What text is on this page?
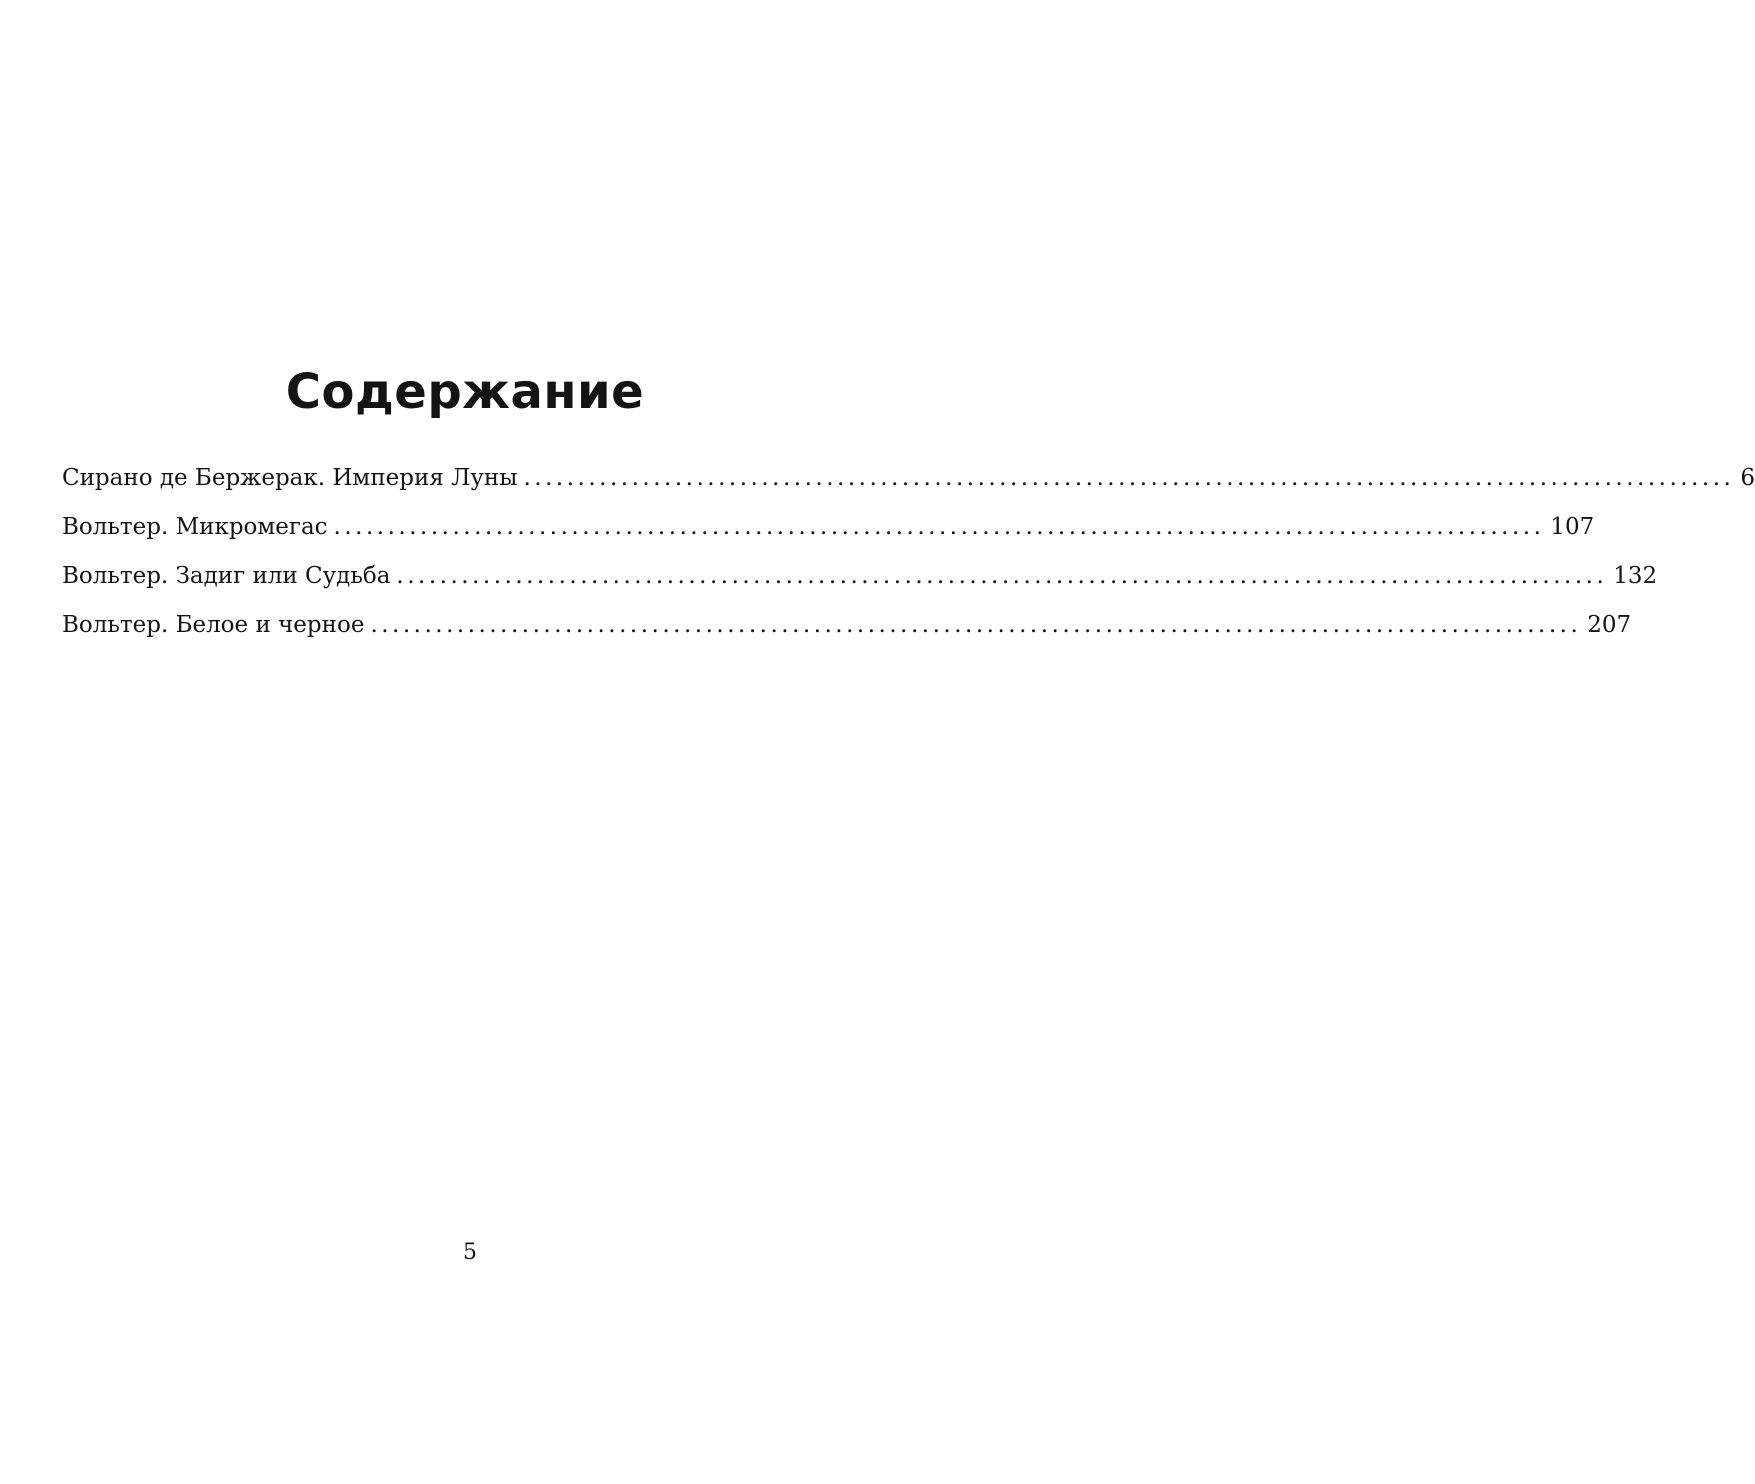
Содержание
Сирано де Бержерак. Империя Луны ................................................................................................................ 6
Вольтер. Микромегас ................................................................................................................ 107
Вольтер. Задиг или Судьба ................................................................................................................ 132
Вольтер. Белое и черное ................................................................................................................ 207
5
